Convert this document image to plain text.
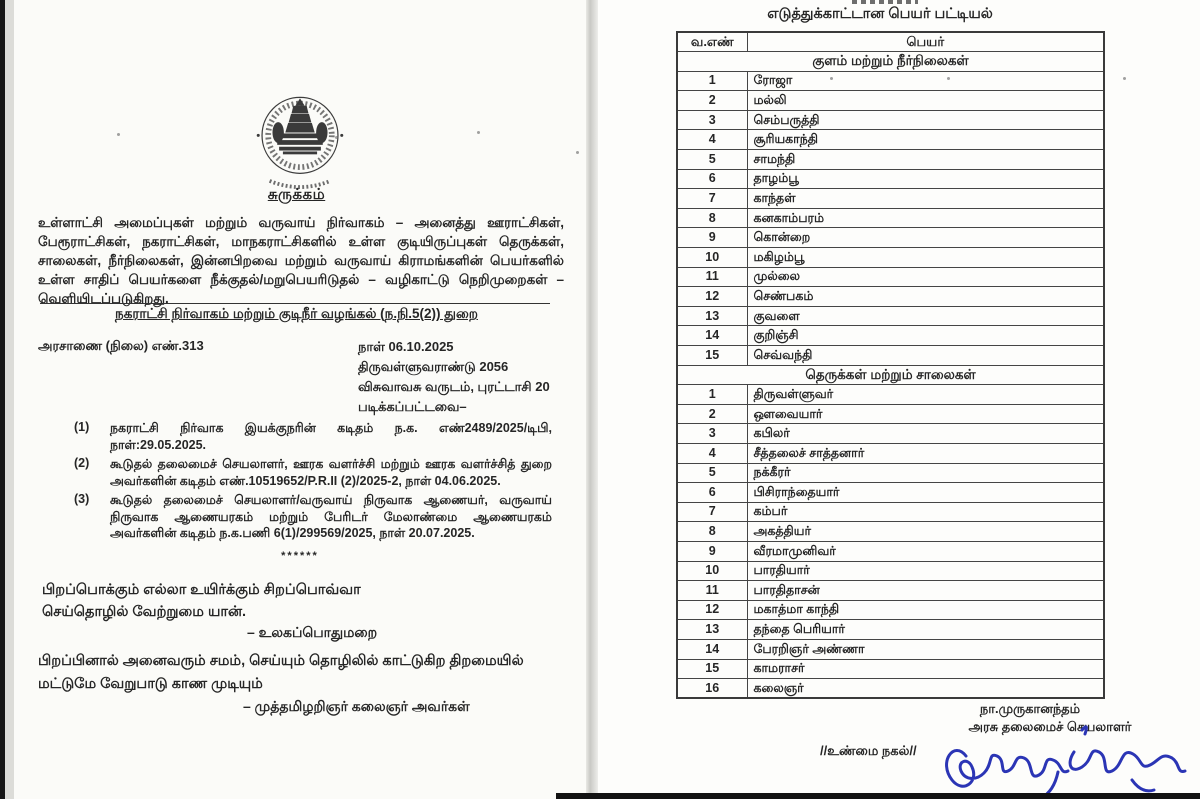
சுருக்கம்
உள்ளாட்சி அமைப்புகள் மற்றும் வருவாய் நிர்வாகம் – அனைத்து ஊராட்சிகள், பேரூராட்சிகள், நகராட்சிகள், மாநகராட்சிகளில் உள்ள குடியிருப்புகள் தெருக்கள், சாலைகள், நீர்நிலைகள், இன்னபிறவை மற்றும் வருவாய் கிராமங்களின் பெயர்களில் உள்ள சாதிப் பெயர்களை நீக்குதல்/மறுபெயரிடுதல் – வழிகாட்டு நெறிமுறைகள் – வெளியிடப்படுகிறது.
நகராட்சி நிர்வாகம் மற்றும் குடிநீர் வழங்கல் (ந.நி.5(2)) துறை
அரசாணை (நிலை) எண்.313	நாள் 06.10.2025
திருவள்ளுவராண்டு 2056
விசுவாவசு வருடம், புரட்டாசி 20
படிக்கப்பட்டவை–
(1)	நகராட்சி நிர்வாக இயக்குநரின் கடிதம் ந.க. எண்2489/2025/டிபி, நாள்:29.05.2025.
(2)	கூடுதல் தலைமைச் செயலாளர், ஊரக வளர்ச்சி மற்றும் ஊரக வளர்ச்சித் துறை அவர்களின் கடிதம் எண்.10519652/P.R.II (2)/2025-2, நாள் 04.06.2025.
(3)	கூடுதல் தலைமைச் செயலாளர்/வருவாய் நிருவாக ஆணையர், வருவாய் நிருவாக ஆணையரகம் மற்றும் பேரிடர் மேலாண்மை ஆணையரகம் அவர்களின் கடிதம் ந.க.பணி 6(1)/299569/2025, நாள் 20.07.2025.
******
பிறப்பொக்கும் எல்லா உயிர்க்கும் சிறப்பொவ்வா
செய்தொழில் வேற்றுமை யான்.
– உலகப்பொதுமறை
பிறப்பினால் அனைவரும் சமம், செய்யும் தொழிலில் காட்டுகிற திறமையில்
மட்டுமே வேறுபாடு காண முடியும்
– முத்தமிழறிஞர் கலைஞர் அவர்கள்
எடுத்துக்காட்டான பெயர் பட்டியல்
வ.எண்	பெயர்
குளம் மற்றும் நீர்நிலைகள்	
1	ரோஜா
2	மல்லி
3	செம்பருத்தி
4	சூரியகாந்தி
5	சாமந்தி
6	தாழம்பூ
7	காந்தள்
8	கனகாம்பரம்
9	கொன்றை
10	மகிழம்பூ
11	முல்லை
12	செண்பகம்
13	குவளை
14	குறிஞ்சி
15	செவ்வந்தி
தெருக்கள் மற்றும் சாலைகள்	
1	திருவள்ளுவர்
2	ஔவையார்
3	கபிலர்
4	சீத்தலைச் சாத்தனார்
5	நக்கீரர்
6	பிசிராந்தையார்
7	கம்பர்
8	அகத்தியர்
9	வீரமாமுனிவர்
10	பாரதியார்
11	பாரதிதாசன்
12	மகாத்மா காந்தி
13	தந்தை பெரியார்
14	பேரறிஞர் அண்ணா
15	காமராசர்
16	கலைஞர்
நா.முருகானந்தம்
அரசு தலைமைச் செயலாளர்
//உண்மை நகல்//
